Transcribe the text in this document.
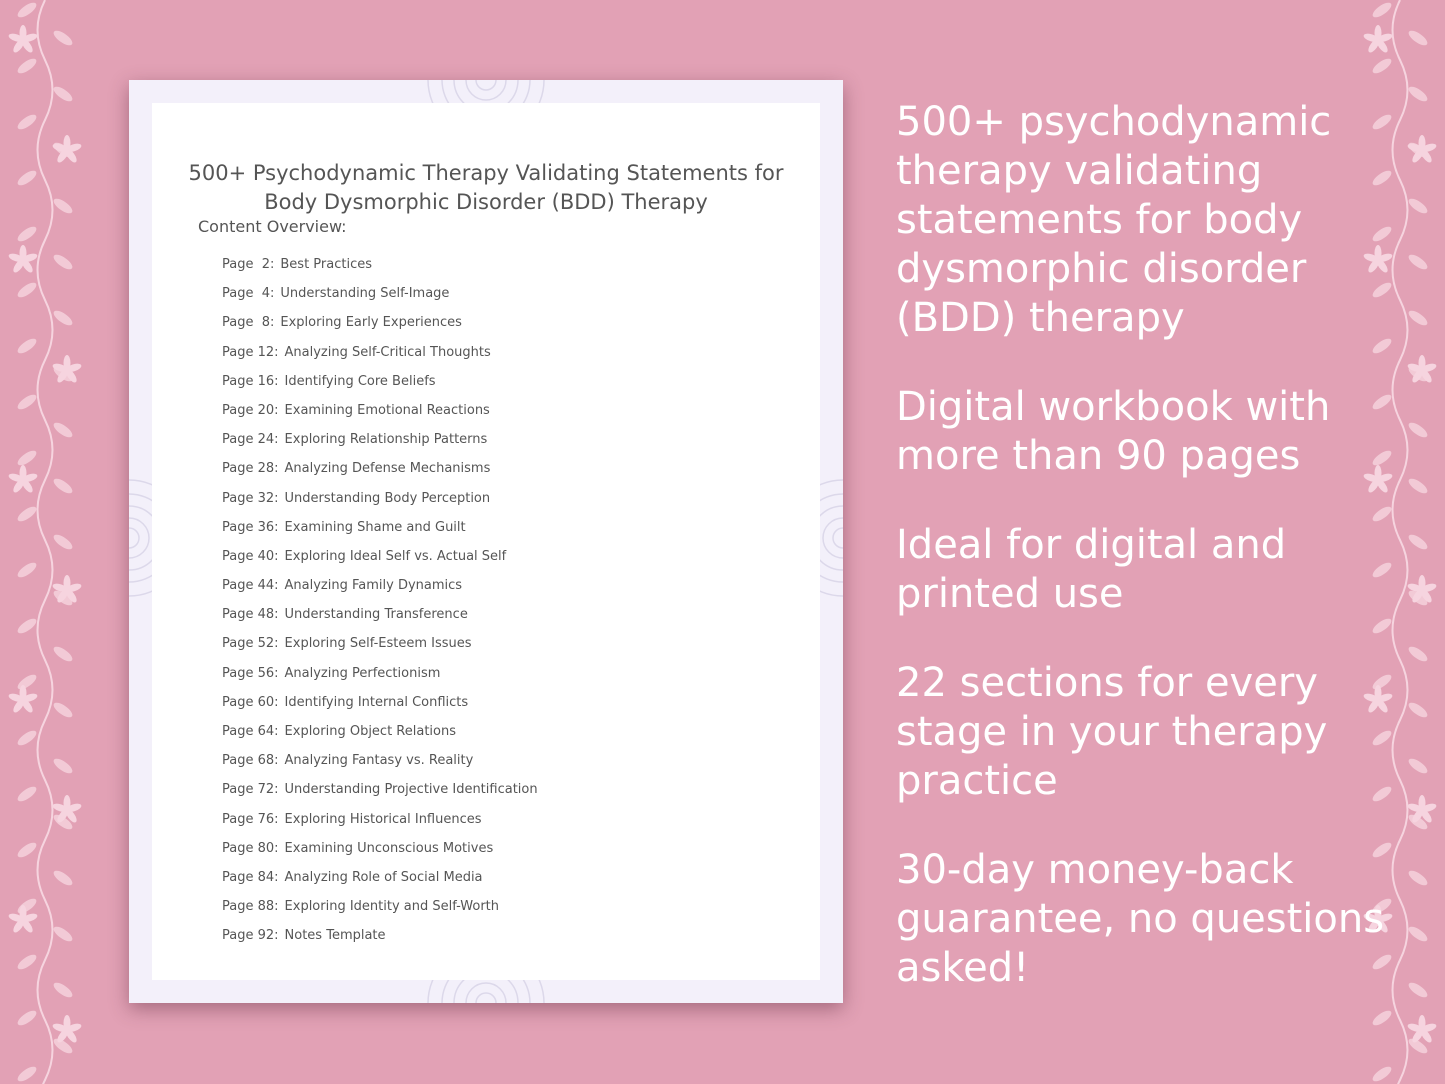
500+ Psychodynamic Therapy Validating Statements for
Body Dysmorphic Disorder (BDD) Therapy
Content Overview:
Page  2: Best Practices
Page  4: Understanding Self-Image
Page  8: Exploring Early Experiences
Page 12: Analyzing Self-Critical Thoughts
Page 16: Identifying Core Beliefs
Page 20: Examining Emotional Reactions
Page 24: Exploring Relationship Patterns
Page 28: Analyzing Defense Mechanisms
Page 32: Understanding Body Perception
Page 36: Examining Shame and Guilt
Page 40: Exploring Ideal Self vs. Actual Self
Page 44: Analyzing Family Dynamics
Page 48: Understanding Transference
Page 52: Exploring Self-Esteem Issues
Page 56: Analyzing Perfectionism
Page 60: Identifying Internal Conflicts
Page 64: Exploring Object Relations
Page 68: Analyzing Fantasy vs. Reality
Page 72: Understanding Projective Identification
Page 76: Exploring Historical Influences
Page 80: Examining Unconscious Motives
Page 84: Analyzing Role of Social Media
Page 88: Exploring Identity and Self-Worth
Page 92: Notes Template
500+ psychodynamic therapy validating statements for body dysmorphic disorder (BDD) therapy
Digital workbook with more than 90 pages
Ideal for digital and printed use
22 sections for every stage in your therapy practice
30-day money-back guarantee, no questions asked!
